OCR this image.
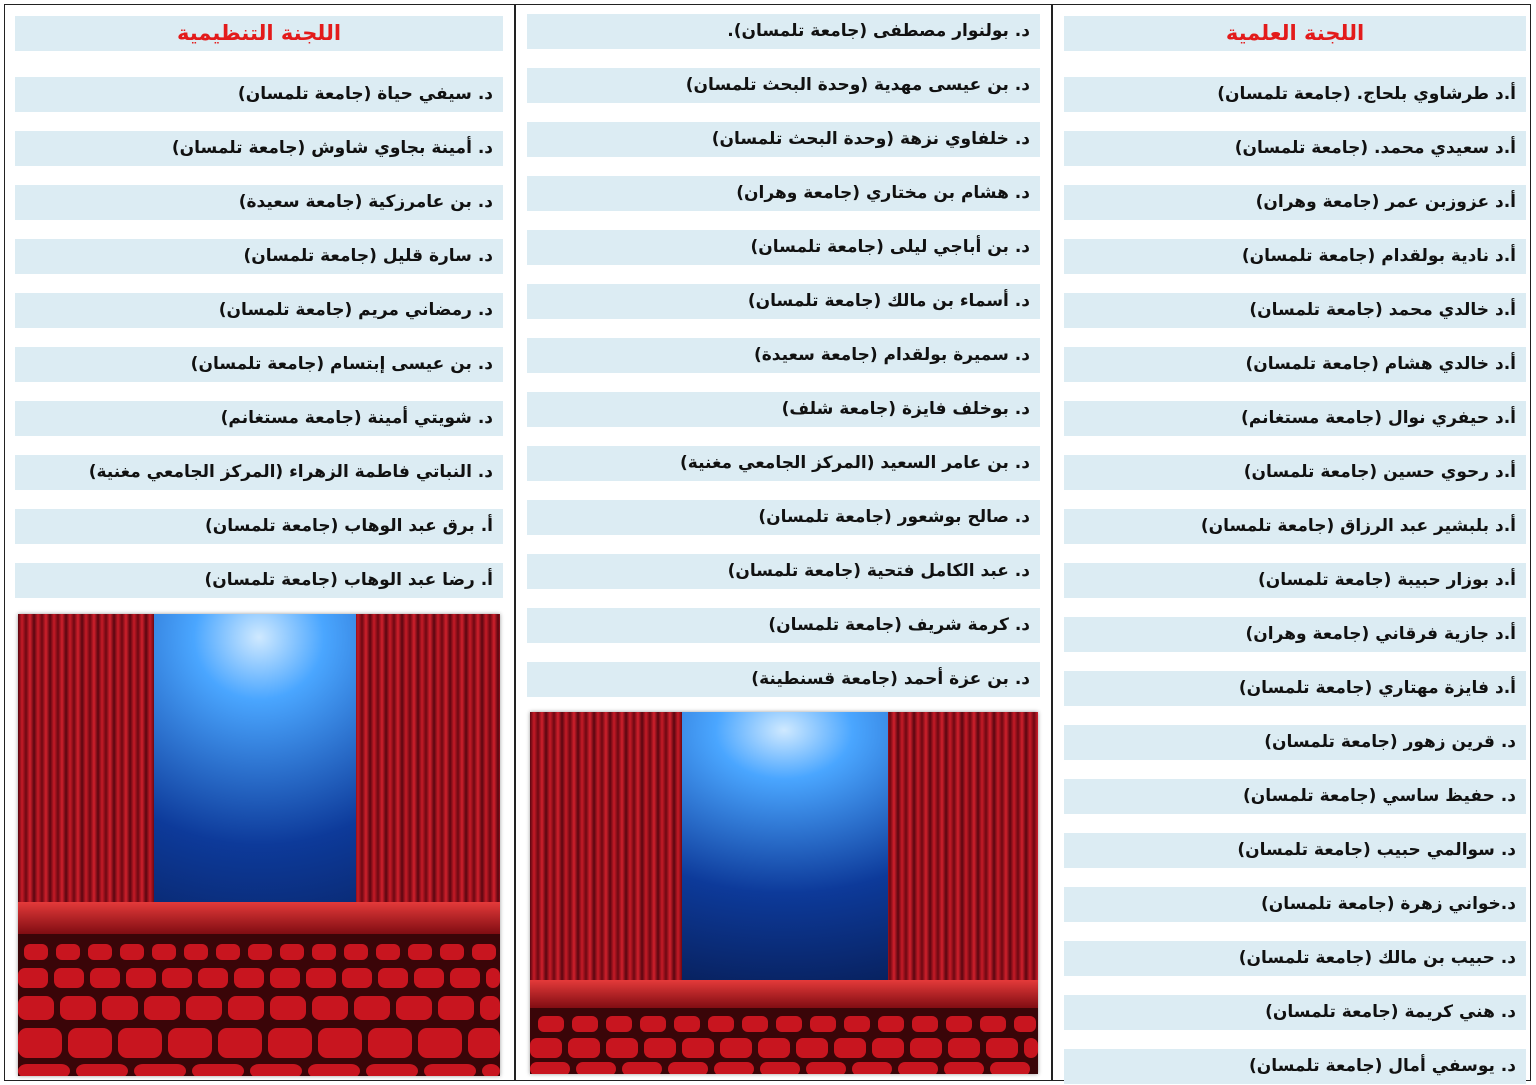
اللجنة العلمية
أ.د طرشاوي بلحاج. (جامعة تلمسان)
أ.د سعيدي محمد. (جامعة تلمسان)
أ.د عزوزبن عمر (جامعة وهران)
أ.د نادية بولقدام (جامعة تلمسان)
أ.د خالدي محمد (جامعة تلمسان)
أ.د خالدي هشام (جامعة تلمسان)
أ.د حيفري نوال (جامعة مستغانم)
أ.د رحوي حسين (جامعة تلمسان)
أ.د بلبشير عبد الرزاق (جامعة تلمسان)
أ.د بوزار حبيبة (جامعة تلمسان)
أ.د جازية فرقاني (جامعة وهران)
أ.د فايزة مهتاري (جامعة تلمسان)
د. قرين زهور (جامعة تلمسان)
د. حفيظ ساسي (جامعة تلمسان)
د. سوالمي حبيب (جامعة تلمسان)
د.خواني زهرة (جامعة تلمسان)
د. حبيب بن مالك (جامعة تلمسان)
د. هني كريمة (جامعة تلمسان)
د. يوسفي أمال (جامعة تلمسان)
د. بولنوار مصطفى (جامعة تلمسان).
د. بن عيسى مهدية (وحدة البحث تلمسان)
د. خلفاوي نزهة (وحدة البحث تلمسان)
د. هشام بن مختاري (جامعة وهران)
د. بن أباجي ليلى (جامعة تلمسان)
د. أسماء بن مالك (جامعة تلمسان)
د. سميرة بولقدام (جامعة سعيدة)
د. بوخلف فايزة (جامعة شلف)
د. بن عامر السعيد (المركز الجامعي مغنية)
د. صالح بوشعور (جامعة تلمسان)
د. عبد الكامل فتحية (جامعة تلمسان)
د. كرمة شريف (جامعة تلمسان)
د. بن عزة أحمد (جامعة قسنطينة)
اللجنة التنظيمية
د. سيفي حياة (جامعة تلمسان)
د. أمينة بجاوي شاوش (جامعة تلمسان)
د. بن عامرزكية (جامعة سعيدة)
د. سارة قليل (جامعة تلمسان)
د. رمضاني مريم (جامعة تلمسان)
د. بن عيسى إبتسام (جامعة تلمسان)
د. شويتي أمينة (جامعة مستغانم)
د. النباتي فاطمة الزهراء (المركز الجامعي مغنية)
أ. برق عبد الوهاب (جامعة تلمسان)
أ. رضا عبد الوهاب (جامعة تلمسان)
